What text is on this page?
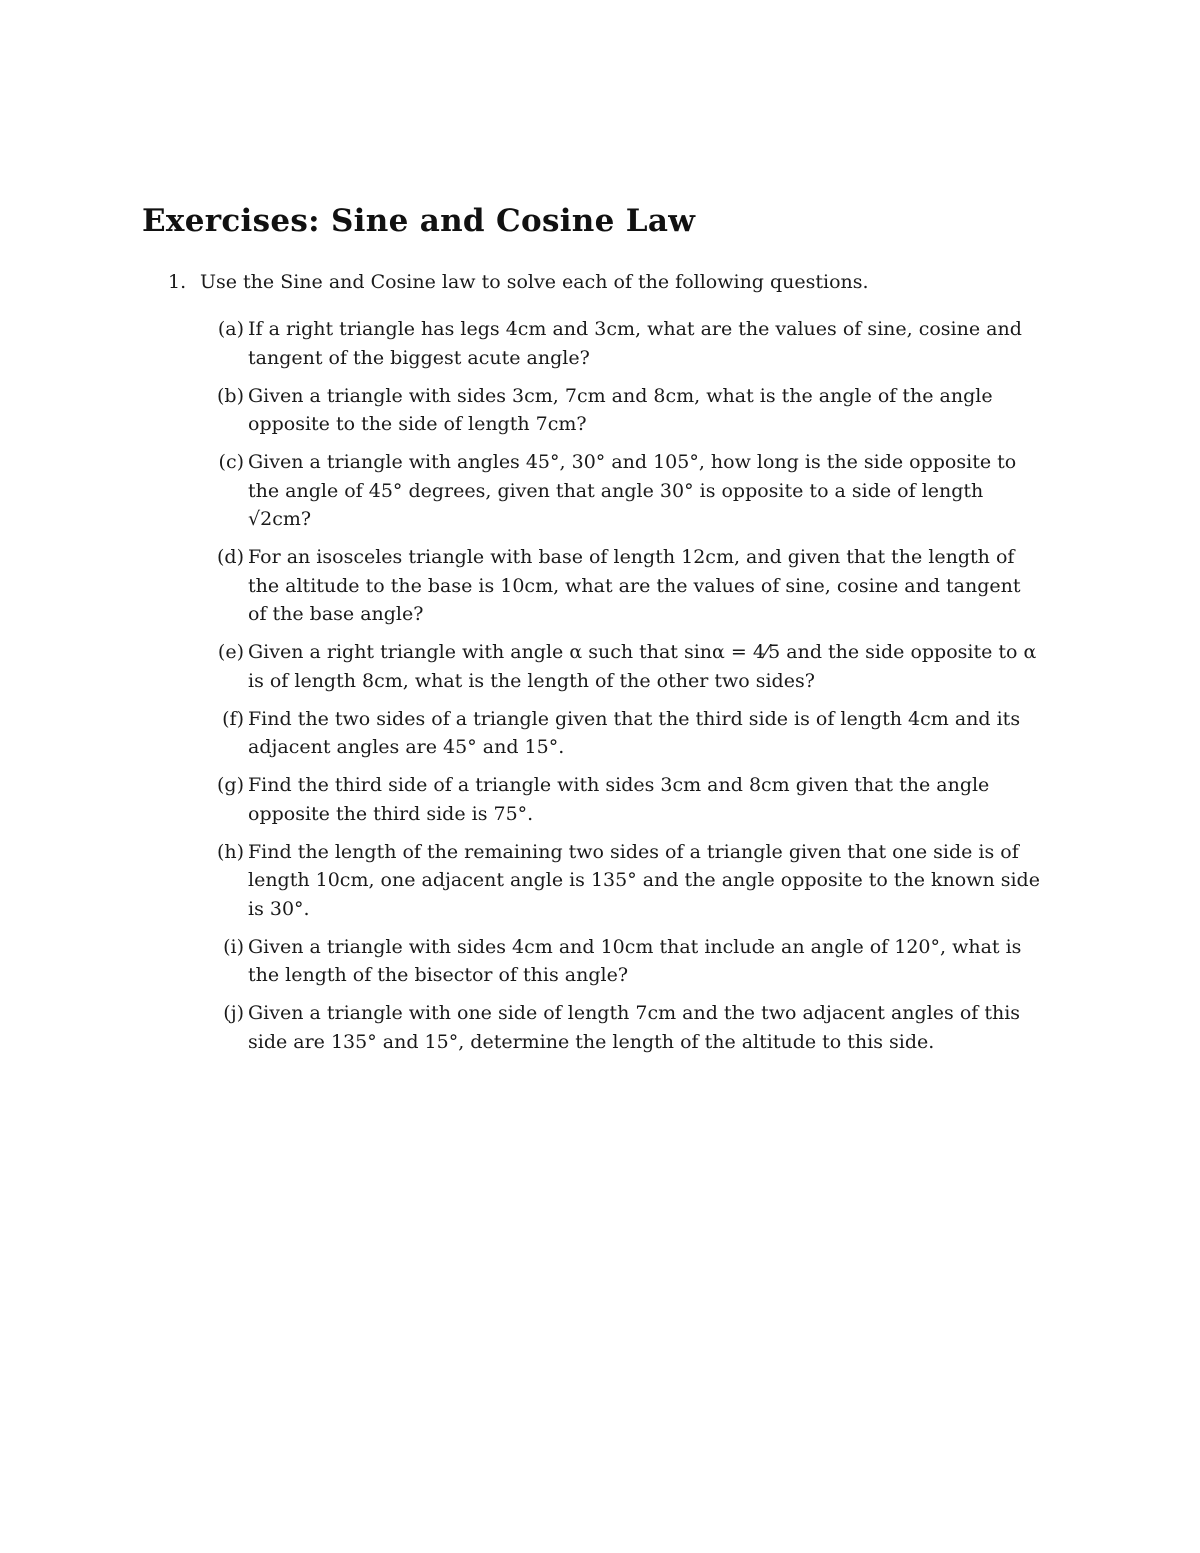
Exercises: Sine and Cosine Law
1. Use the Sine and Cosine law to solve each of the following questions.
(a) If a right triangle has legs 4cm and 3cm, what are the values of sine, cosine and tangent of the biggest acute angle?
(b) Given a triangle with sides 3cm, 7cm and 8cm, what is the angle of the angle opposite to the side of length 7cm?
(c) Given a triangle with angles 45°, 30° and 105°, how long is the side opposite to the angle of 45° degrees, given that angle 30° is opposite to a side of length √2cm?
(d) For an isosceles triangle with base of length 12cm, and given that the length of the altitude to the base is 10cm, what are the values of sine, cosine and tangent of the base angle?
(e) Given a right triangle with angle α such that sinα = 4⁄5 and the side opposite to α is of length 8cm, what is the length of the other two sides?
(f) Find the two sides of a triangle given that the third side is of length 4cm and its adjacent angles are 45° and 15°.
(g) Find the third side of a triangle with sides 3cm and 8cm given that the angle opposite the third side is 75°.
(h) Find the length of the remaining two sides of a triangle given that one side is of length 10cm, one adjacent angle is 135° and the angle opposite to the known side is 30°.
(i) Given a triangle with sides 4cm and 10cm that include an angle of 120°, what is the length of the bisector of this angle?
(j) Given a triangle with one side of length 7cm and the two adjacent angles of this side are 135° and 15°, determine the length of the altitude to this side.
